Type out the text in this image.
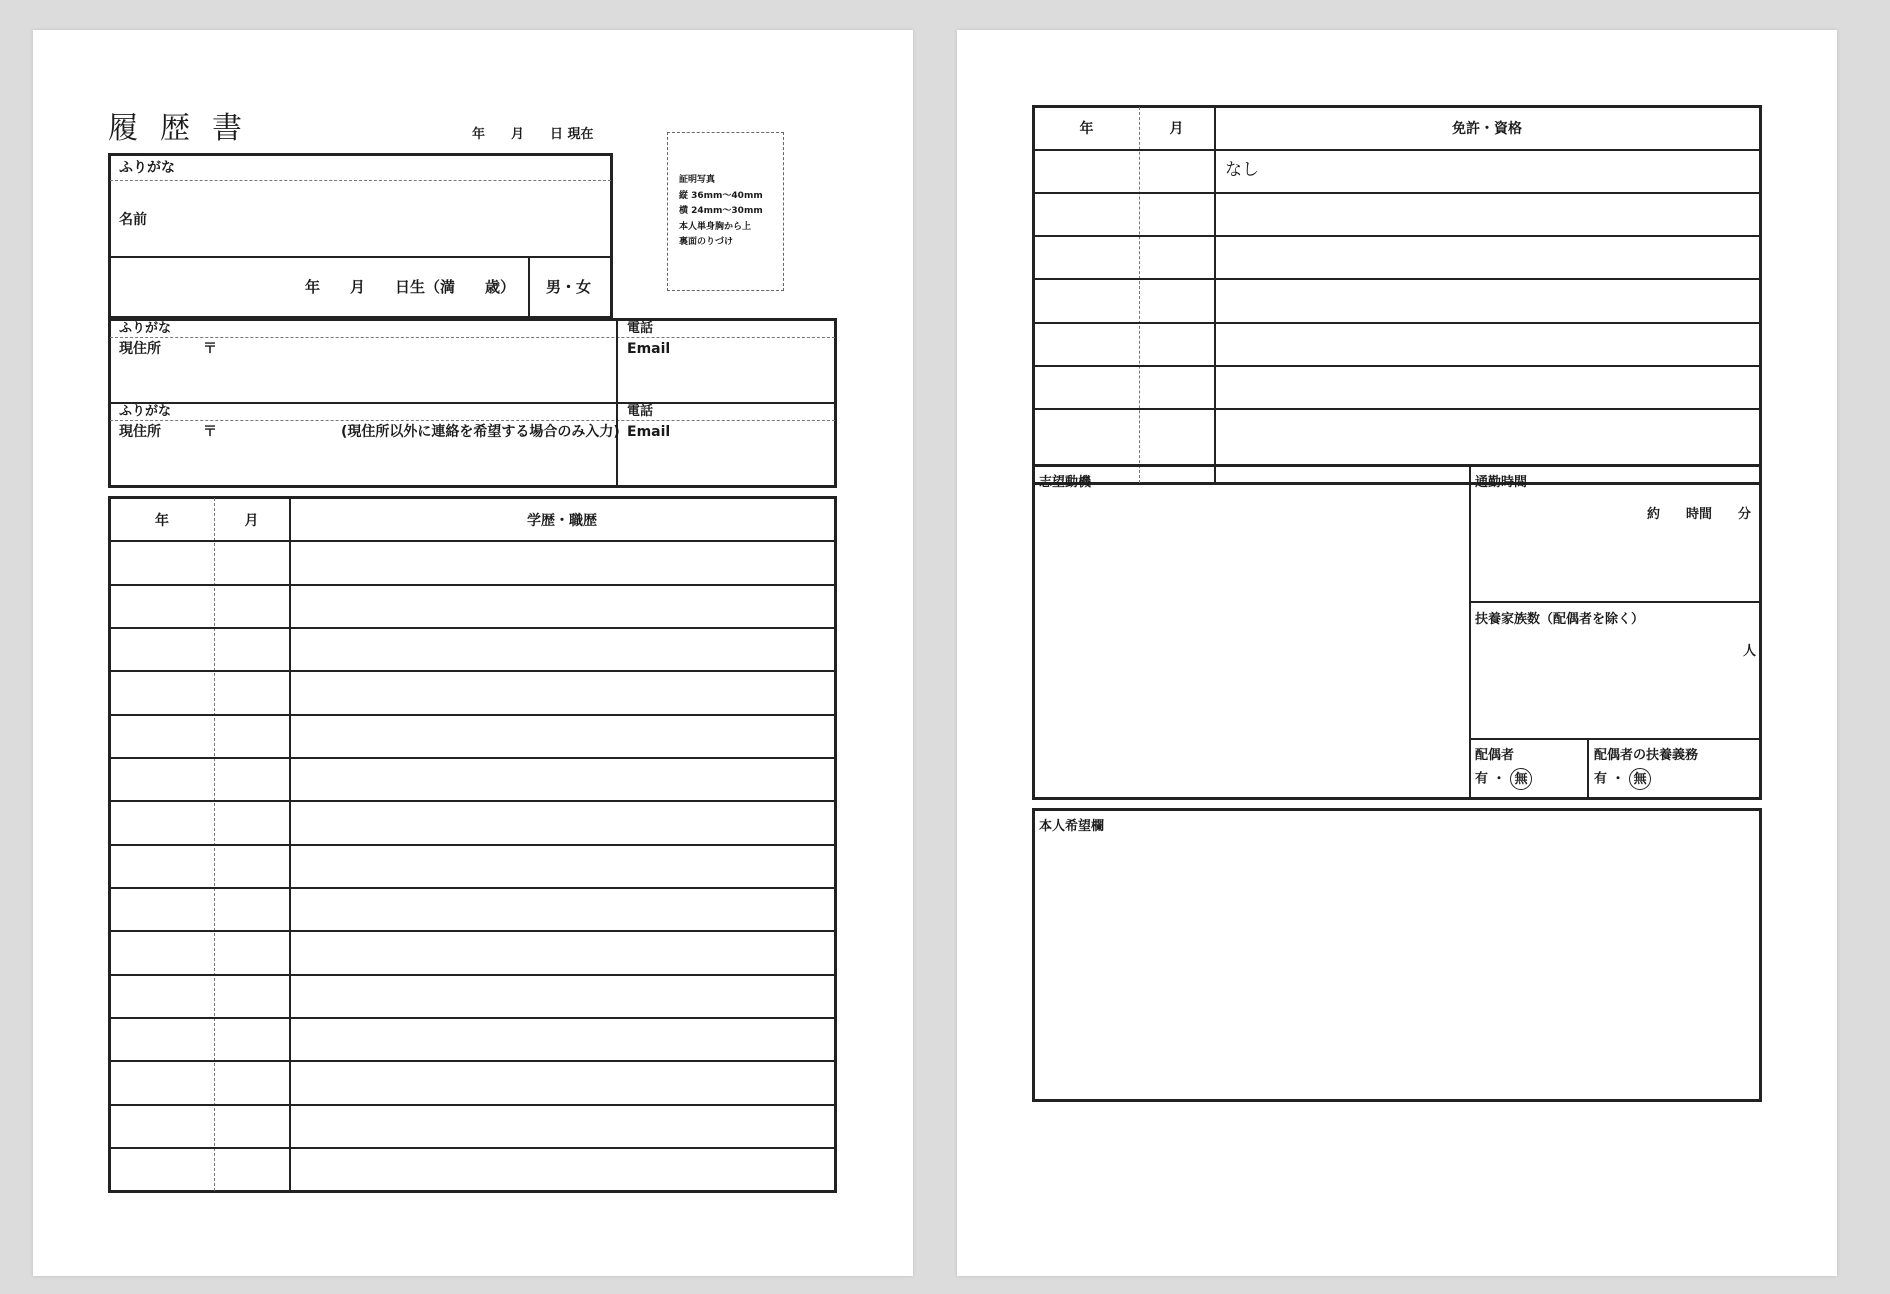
履歴書	年　　月　　日 現在
証明写真
縦 36mm～40mm
横 24mm～30mm
本人単身胸から上
裏面のりづけ
ふりがな
名前
年　　月　　日生（満　　歳） 男・女
ふりがな
現住所	〒
電話
Email
ふりがな
現住所	〒	(現住所以外に連絡を希望する場合のみ入力)
電話
Email
年	月	学歴・職歴
年	月	免許・資格
なし
志望動機	通勤時間
約　　時間　　分
扶養家族数（配偶者を除く）
人
配偶者
有 ・ 無
配偶者の扶養義務
有 ・ 無
本人希望欄
